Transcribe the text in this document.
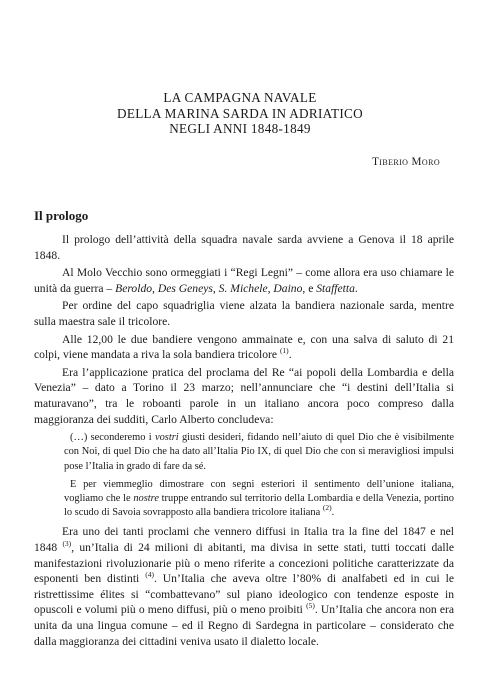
LA CAMPAGNA NAVALE
DELLA MARINA SARDA IN ADRIATICO
NEGLI ANNI 1848-1849
Tiberio Moro
Il prologo

Il prologo dell’attività della squadra navale sarda avviene a Genova il 18 aprile 1848.

Al Molo Vecchio sono ormeggiati i “Regi Legni” – come allora era uso chiamare le unità da guerra – Beroldo, Des Geneys, S. Michele, Daino, e Staffetta.

Per ordine del capo squadriglia viene alzata la bandiera nazionale sarda, mentre sulla maestra sale il tricolore.

Alle 12,00 le due bandiere vengono ammainate e, con una salva di saluto di 21 colpi, viene mandata a riva la sola bandiera tricolore $^{(1)}$.

Era l’applicazione pratica del proclama del Re “ai popoli della Lombardia e della Venezia” – dato a Torino il 23 marzo; nell’annunciare che “i destini dell’Italia si maturavano”, tra le roboanti parole in un italiano ancora poco compreso dalla maggioranza dei sudditi, Carlo Alberto concludeva:

(…) seconderemo i vostri giusti desideri, fidando nell’aiuto di quel Dio che è visibilmente con Noi, di quel Dio che ha dato all’Italia Pio IX, di quel Dio che con sì meravigliosi impulsi pose l’Italia in grado di fare da sé.

E per viemmeglio dimostrare con segni esteriori il sentimento dell’unione italiana, vogliamo che le nostre truppe entrando sul territorio della Lombardia e della Venezia, portino lo scudo di Savoia sovrapposto alla bandiera tricolore italiana $^{(2)}$.

Era uno dei tanti proclami che vennero diffusi in Italia tra la fine del 1847 e nel 1848 $^{(3)}$, un’Italia di 24 milioni di abitanti, ma divisa in sette stati, tutti toccati dalle manifestazioni rivoluzionarie più o meno riferite a concezioni politiche caratterizzate da esponenti ben distinti $^{(4)}$. Un’Italia che aveva oltre l’80% di analfabeti ed in cui le ristrettissime élites si “combattevano” sul piano ideologico con tendenze esposte in opuscoli e volumi più o meno diffusi, più o meno proibiti $^{(5)}$. Un’Italia che ancora non era unita da una lingua comune – ed il Regno di Sardegna in particolare – considerato che dalla maggioranza dei cittadini veniva usato il dialetto locale.
